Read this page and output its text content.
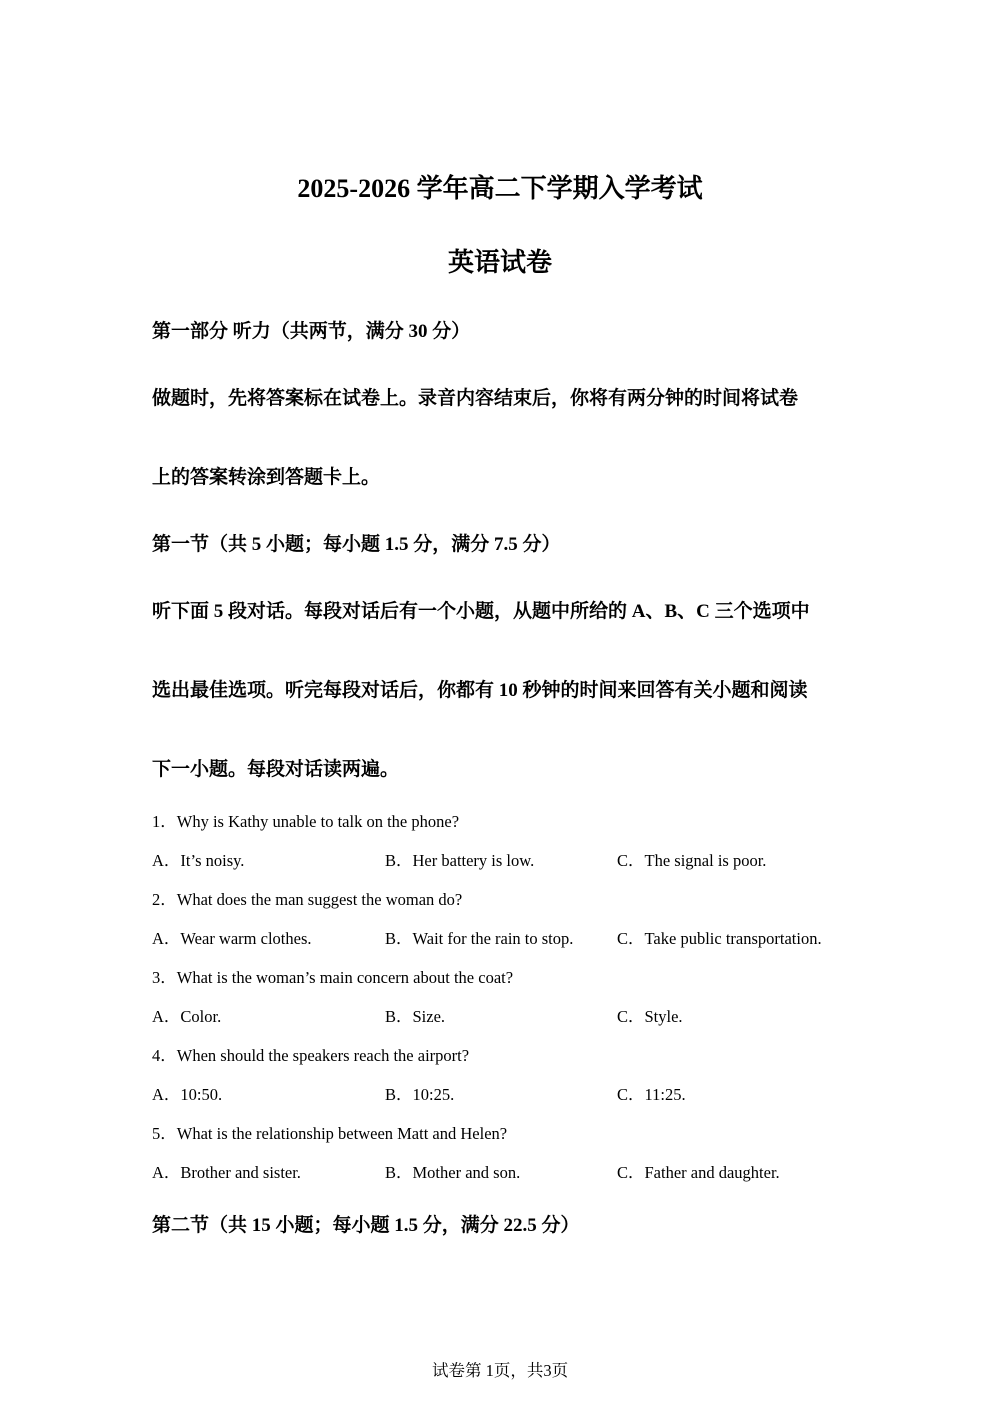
2025-2026 学年高二下学期入学考试
英语试卷
第一部分 听力（共两节，满分 30 分）
做题时，先将答案标在试卷上。录音内容结束后，你将有两分钟的时间将试卷
上的答案转涂到答题卡上。
第一节（共 5 小题；每小题 1.5 分，满分 7.5 分）
听下面 5 段对话。每段对话后有一个小题，从题中所给的 A、B、C 三个选项中
选出最佳选项。听完每段对话后，你都有 10 秒钟的时间来回答有关小题和阅读
下一小题。每段对话读两遍。
1．Why is Kathy unable to talk on the phone?
A．It’s noisy.	B．Her battery is low.	C．The signal is poor.
2．What does the man suggest the woman do?
A．Wear warm clothes.	B．Wait for the rain to stop.	C．Take public transportation.
3．What is the woman’s main concern about the coat?
A．Color.	B．Size.	C．Style.
4．When should the speakers reach the airport?
A．10:50.	B．10:25.	C．11:25.
5．What is the relationship between Matt and Helen?
A．Brother and sister.	B．Mother and son.	C．Father and daughter.
第二节（共 15 小题；每小题 1.5 分，满分 22.5 分）
试卷第 1页，共3页
